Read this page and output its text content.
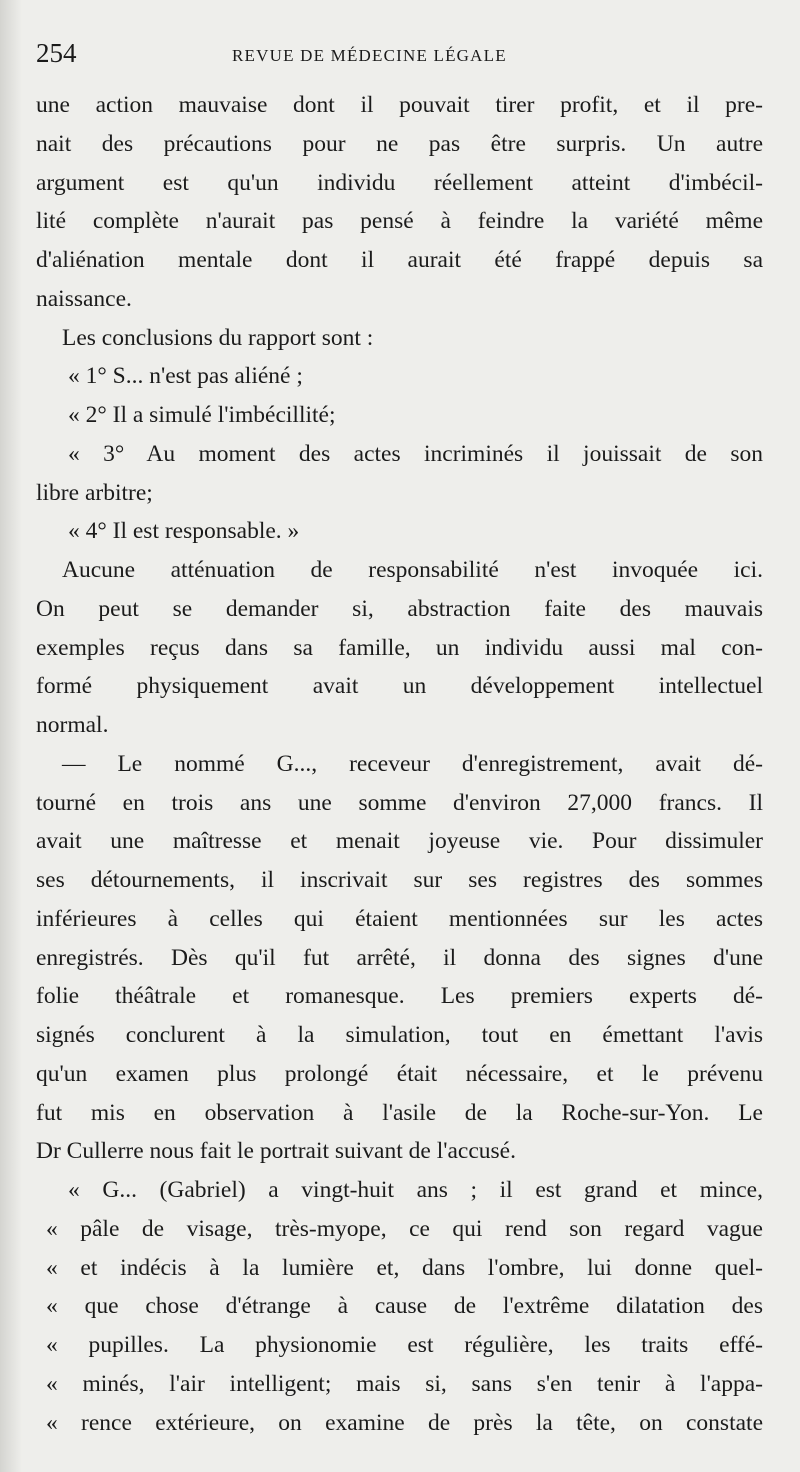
254	REVUE DE MÉDECINE LÉGALE
une action mauvaise dont il pouvait tirer profit, et il pre-
nait des précautions pour ne pas être surpris. Un autre
argument est qu'un individu réellement atteint d'imbécil-
lité complète n'aurait pas pensé à feindre la variété même
d'aliénation mentale dont il aurait été frappé depuis sa
naissance.
Les conclusions du rapport sont :
« 1° S... n'est pas aliéné ;
« 2° Il a simulé l'imbécillité;
« 3° Au moment des actes incriminés il jouissait de son
libre arbitre;
« 4° Il est responsable. »
Aucune atténuation de responsabilité n'est invoquée ici.
On peut se demander si, abstraction faite des mauvais
exemples reçus dans sa famille, un individu aussi mal con-
formé physiquement avait un développement intellectuel
normal.
— Le nommé G..., receveur d'enregistrement, avait dé-
tourné en trois ans une somme d'environ 27,000 francs. Il
avait une maîtresse et menait joyeuse vie. Pour dissimuler
ses détournements, il inscrivait sur ses registres des sommes
inférieures à celles qui étaient mentionnées sur les actes
enregistrés. Dès qu'il fut arrêté, il donna des signes d'une
folie théâtrale et romanesque. Les premiers experts dé-
signés conclurent à la simulation, tout en émettant l'avis
qu'un examen plus prolongé était nécessaire, et le prévenu
fut mis en observation à l'asile de la Roche-sur-Yon. Le
Dr Cullerre nous fait le portrait suivant de l'accusé.
« G... (Gabriel) a vingt-huit ans ; il est grand et mince,
« pâle de visage, très-myope, ce qui rend son regard vague
« et indécis à la lumière et, dans l'ombre, lui donne quel-
« que chose d'étrange à cause de l'extrême dilatation des
« pupilles. La physionomie est régulière, les traits effé-
« minés, l'air intelligent; mais si, sans s'en tenir à l'appa-
« rence extérieure, on examine de près la tête, on constate
